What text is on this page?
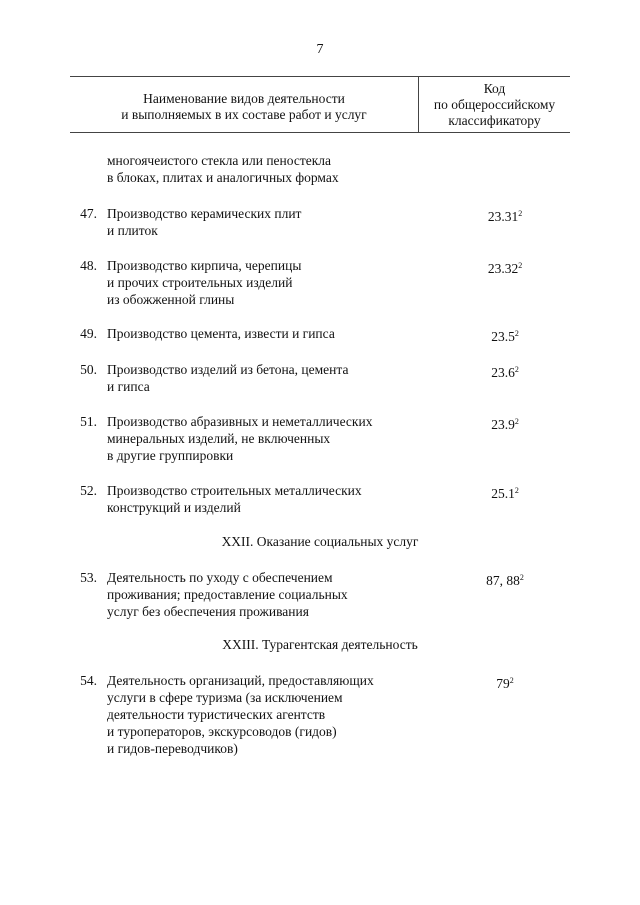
7
Наименование видов деятельности
и выполняемых в их составе работ и услуг
Код
по общероссийскому
классификатору
многоячеистого стекла или пеностекла
в блоках, плитах и аналогичных формах
47. Производство керамических плит
и плиток
23.31$^2$
48. Производство кирпича, черепицы
и прочих строительных изделий
из обожженной глины
23.32$^2$
49. Производство цемента, извести и гипса	23.5$^2$
50. Производство изделий из бетона, цемента
и гипса
23.6$^2$
51. Производство абразивных и неметаллических
минеральных изделий, не включенных
в другие группировки
23.9$^2$
52. Производство строительных металлических
конструкций и изделий
25.1$^2$
XXII. Оказание социальных услуг
53. Деятельность по уходу с обеспечением
проживания; предоставление социальных
услуг без обеспечения проживания
87, $88^2$
XXIII. Турагентская деятельность
54. Деятельность организаций, предоставляющих
услуги в сфере туризма (за исключением
деятельности туристических агентств
и туроператоров, экскурсоводов (гидов)
и гидов-переводчиков)
$79^2$
